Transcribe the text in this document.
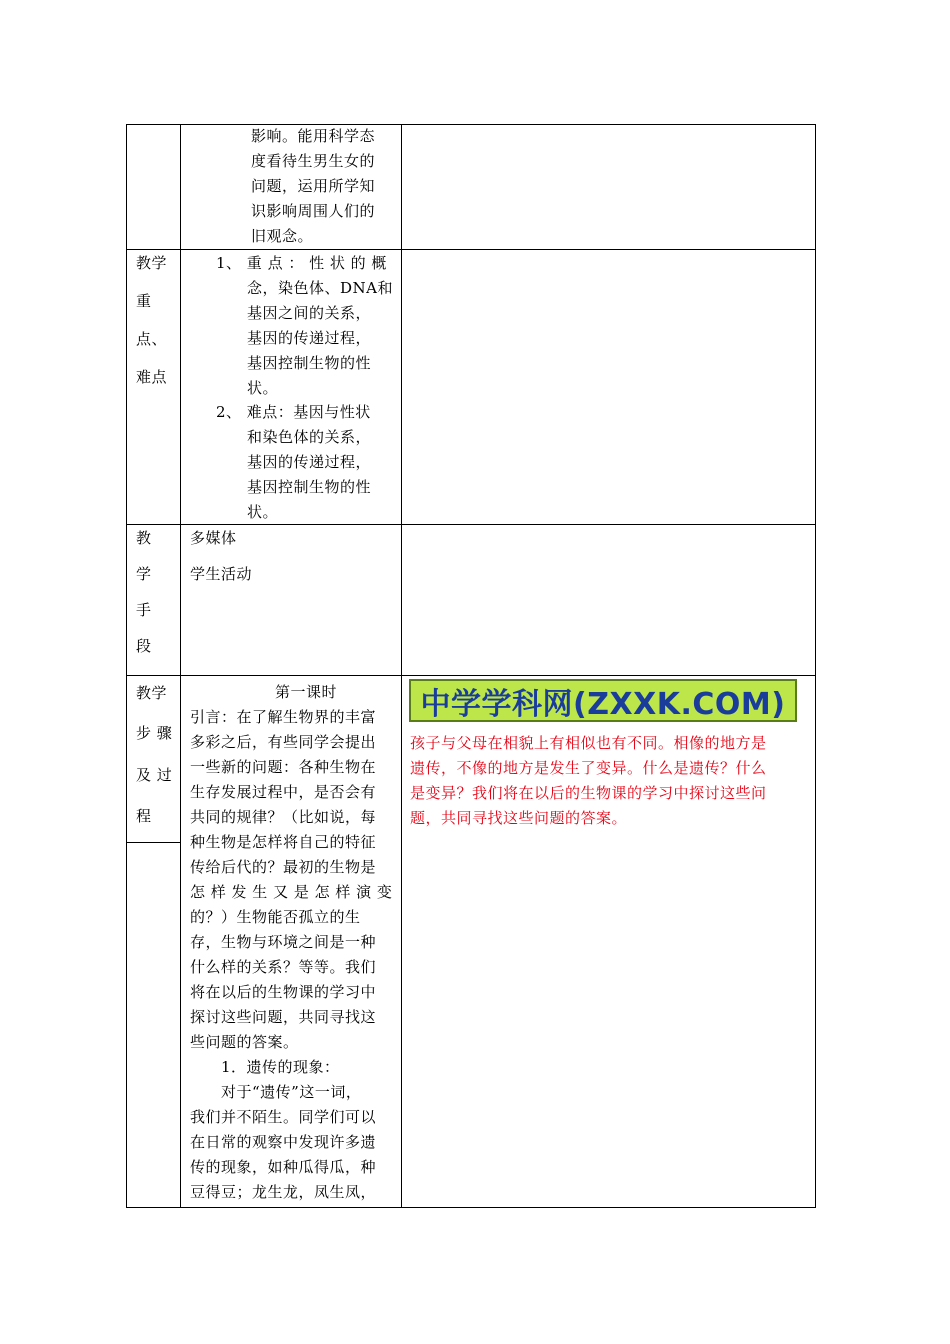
影响。能用科学态
度看待生男生女的
问题，运用所学知
识影响周围人们的
旧观念。
教学
重
点、
难点
1、 重 点 ： 性 状 的 概
念，染色体、DNA和
基因之间的关系，
基因的传递过程，
基因控制生物的性
状。
2、 难点：基因与性状
和染色体的关系，
基因的传递过程，
基因控制生物的性
状。
教
学
手
段
多媒体
学生活动
教学
步 骤
及 过
程
第一课时
引言：在了解生物界的丰富
多彩之后，有些同学会提出
一些新的问题：各种生物在
生存发展过程中，是否会有
共同的规律？（比如说，每
种生物是怎样将自己的特征
传给后代的？最初的生物是
怎 样 发 生 又 是 怎 样 演 变
的？）生物能否孤立的生
存，生物与环境之间是一种
什么样的关系？等等。我们
将在以后的生物课的学习中
探讨这些问题，共同寻找这
些问题的答案。
1．遗传的现象：
对于“遗传”这一词，
我们并不陌生。同学们可以
在日常的观察中发现许多遗
传的现象，如种瓜得瓜，种
豆得豆；龙生龙，凤生凤，
中学学科网(ZXXK.COM)
孩子与父母在相貌上有相似也有不同。相像的地方是
遗传，不像的地方是发生了变异。什么是遗传？什么
是变异？我们将在以后的生物课的学习中探讨这些问
题，共同寻找这些问题的答案。
